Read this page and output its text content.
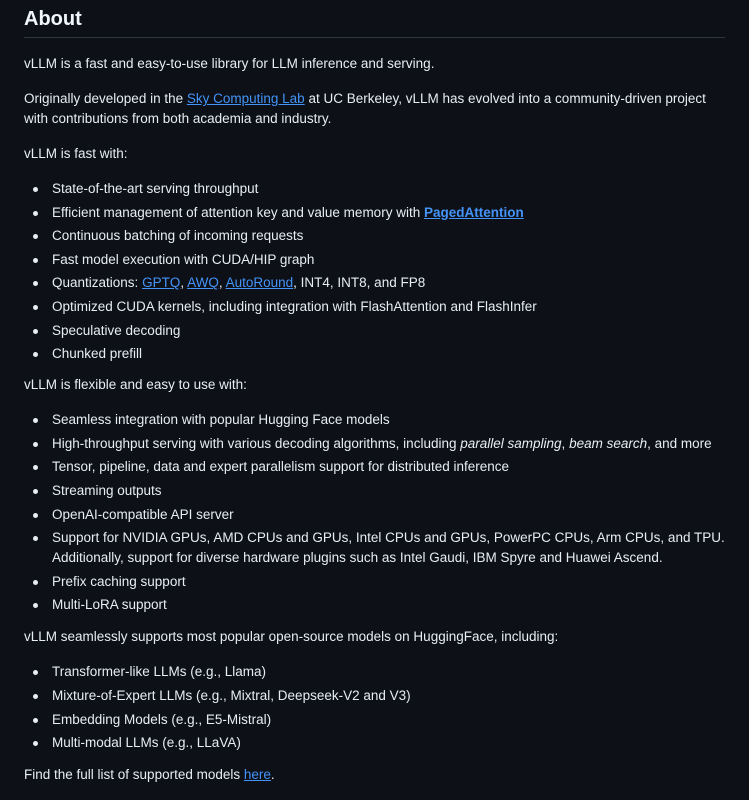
About

vLLM is a fast and easy-to-use library for LLM inference and serving.

Originally developed in the Sky Computing Lab at UC Berkeley, vLLM has evolved into a community-driven project with contributions from both academia and industry.

vLLM is fast with:

State-of-the-art serving throughput
Efficient management of attention key and value memory with PagedAttention
Continuous batching of incoming requests
Fast model execution with CUDA/HIP graph
Quantizations: GPTQ, AWQ, AutoRound, INT4, INT8, and FP8
Optimized CUDA kernels, including integration with FlashAttention and FlashInfer
Speculative decoding
Chunked prefill

vLLM is flexible and easy to use with:

Seamless integration with popular Hugging Face models
High-throughput serving with various decoding algorithms, including parallel sampling, beam search, and more
Tensor, pipeline, data and expert parallelism support for distributed inference
Streaming outputs
OpenAI-compatible API server
Support for NVIDIA GPUs, AMD CPUs and GPUs, Intel CPUs and GPUs, PowerPC CPUs, Arm CPUs, and TPU. Additionally, support for diverse hardware plugins such as Intel Gaudi, IBM Spyre and Huawei Ascend.
Prefix caching support
Multi-LoRA support

vLLM seamlessly supports most popular open-source models on HuggingFace, including:

Transformer-like LLMs (e.g., Llama)
Mixture-of-Expert LLMs (e.g., Mixtral, Deepseek-V2 and V3)
Embedding Models (e.g., E5-Mistral)
Multi-modal LLMs (e.g., LLaVA)

Find the full list of supported models here.
